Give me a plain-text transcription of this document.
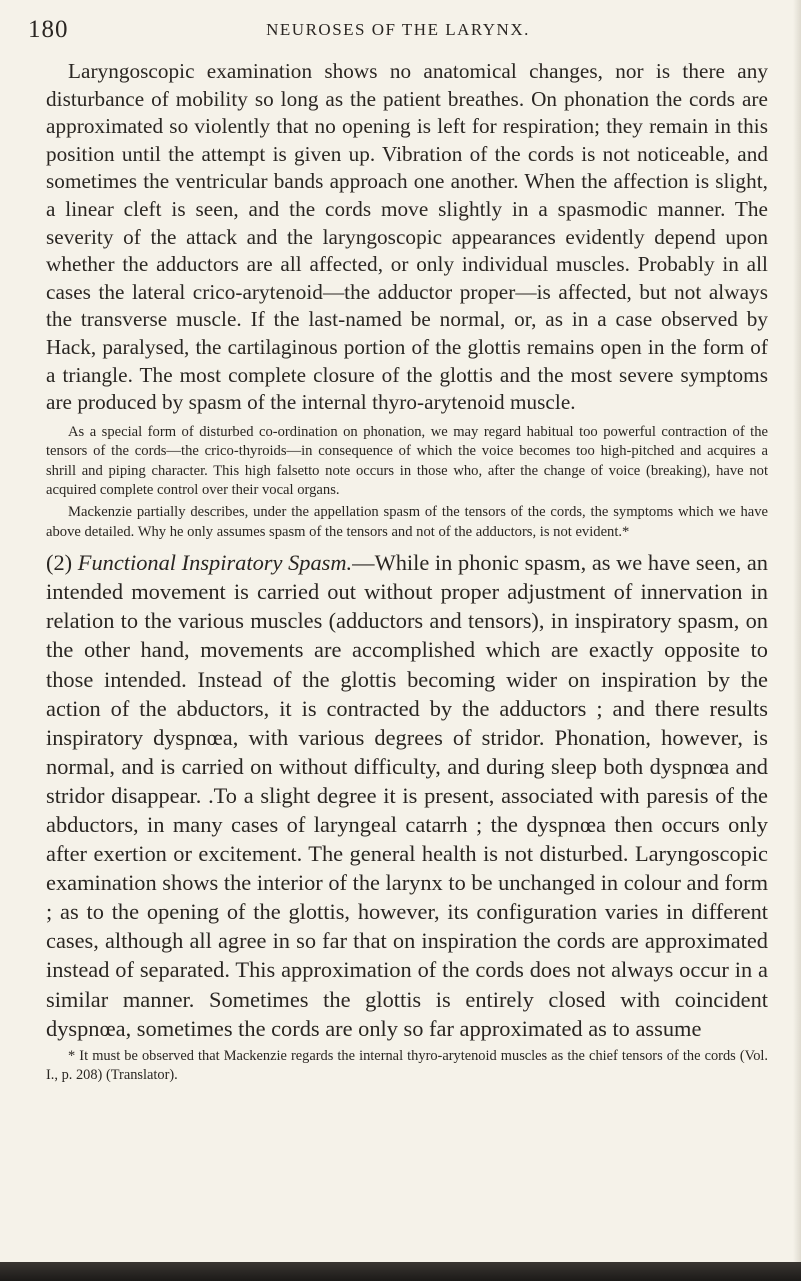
180	NEUROSES OF THE LARYNX.

Laryngoscopic examination shows no anatomical changes, nor is there any disturbance of mobility so long as the patient breathes. On phonation the cords are approximated so violently that no opening is left for respiration; they remain in this position until the attempt is given up. Vibration of the cords is not noticeable, and sometimes the ventricular bands approach one another. When the affection is slight, a linear cleft is seen, and the cords move slightly in a spasmodic manner. The severity of the attack and the laryngoscopic appearances evidently depend upon whether the adductors are all affected, or only individual muscles. Probably in all cases the lateral crico-arytenoid—the adductor proper—is affected, but not always the transverse muscle. If the last-named be normal, or, as in a case observed by Hack, paralysed, the cartilaginous portion of the glottis remains open in the form of a triangle. The most complete closure of the glottis and the most severe symptoms are produced by spasm of the internal thyro-arytenoid muscle.

As a special form of disturbed co-ordination on phonation, we may regard habitual too powerful contraction of the tensors of the cords—the crico-thyroids—in consequence of which the voice becomes too high-pitched and acquires a shrill and piping character. This high falsetto note occurs in those who, after the change of voice (breaking), have not acquired complete control over their vocal organs.

Mackenzie partially describes, under the appellation spasm of the tensors of the cords, the symptoms which we have above detailed. Why he only assumes spasm of the tensors and not of the adductors, is not evident.*

(2) Functional Inspiratory Spasm.—While in phonic spasm, as we have seen, an intended movement is carried out without proper adjustment of innervation in relation to the various muscles (adductors and tensors), in inspiratory spasm, on the other hand, movements are accomplished which are exactly opposite to those intended. Instead of the glottis becoming wider on inspiration by the action of the abductors, it is contracted by the adductors ; and there results inspiratory dyspnœa, with various degrees of stridor. Phonation, however, is normal, and is carried on without difficulty, and during sleep both dyspnœa and stridor disappear. .To a slight degree it is present, associated with paresis of the abductors, in many cases of laryngeal catarrh ; the dyspnœa then occurs only after exertion or excitement. The general health is not disturbed. Laryngoscopic examination shows the interior of the larynx to be unchanged in colour and form ; as to the opening of the glottis, however, its configuration varies in different cases, although all agree in so far that on inspiration the cords are approximated instead of separated. This approximation of the cords does not always occur in a similar manner. Sometimes the glottis is entirely closed with coincident dyspnœa, sometimes the cords are only so far approximated as to assume

* It must be observed that Mackenzie regards the internal thyro-arytenoid muscles as the chief tensors of the cords (Vol. I., p. 208) (Translator).
